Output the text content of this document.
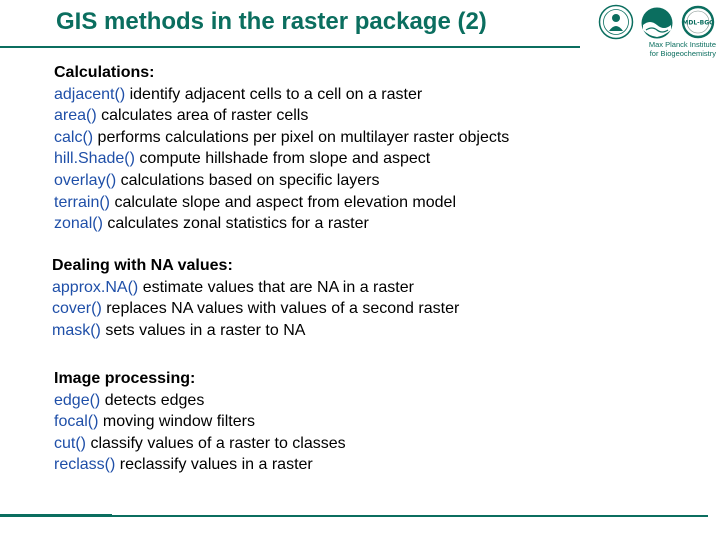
GIS methods in the raster package (2)	MDL-BGC
Max Planck Institute
for Biogeochemistry
Calculations:
adjacent() identify adjacent cells to a cell on a raster
area() calculates area of raster cells
calc() performs calculations per pixel on multilayer raster objects
hill.Shade() compute hillshade from slope and aspect
overlay() calculations based on specific layers
terrain() calculate slope and aspect from elevation model
zonal() calculates zonal statistics for a raster
Dealing with NA values:
approx.NA() estimate values that are NA in a raster
cover() replaces NA values with values of a second raster
mask() sets values in a raster to NA
Image processing:
edge() detects edges
focal() moving window filters
cut() classify values of a raster to classes
reclass() reclassify values in a raster
